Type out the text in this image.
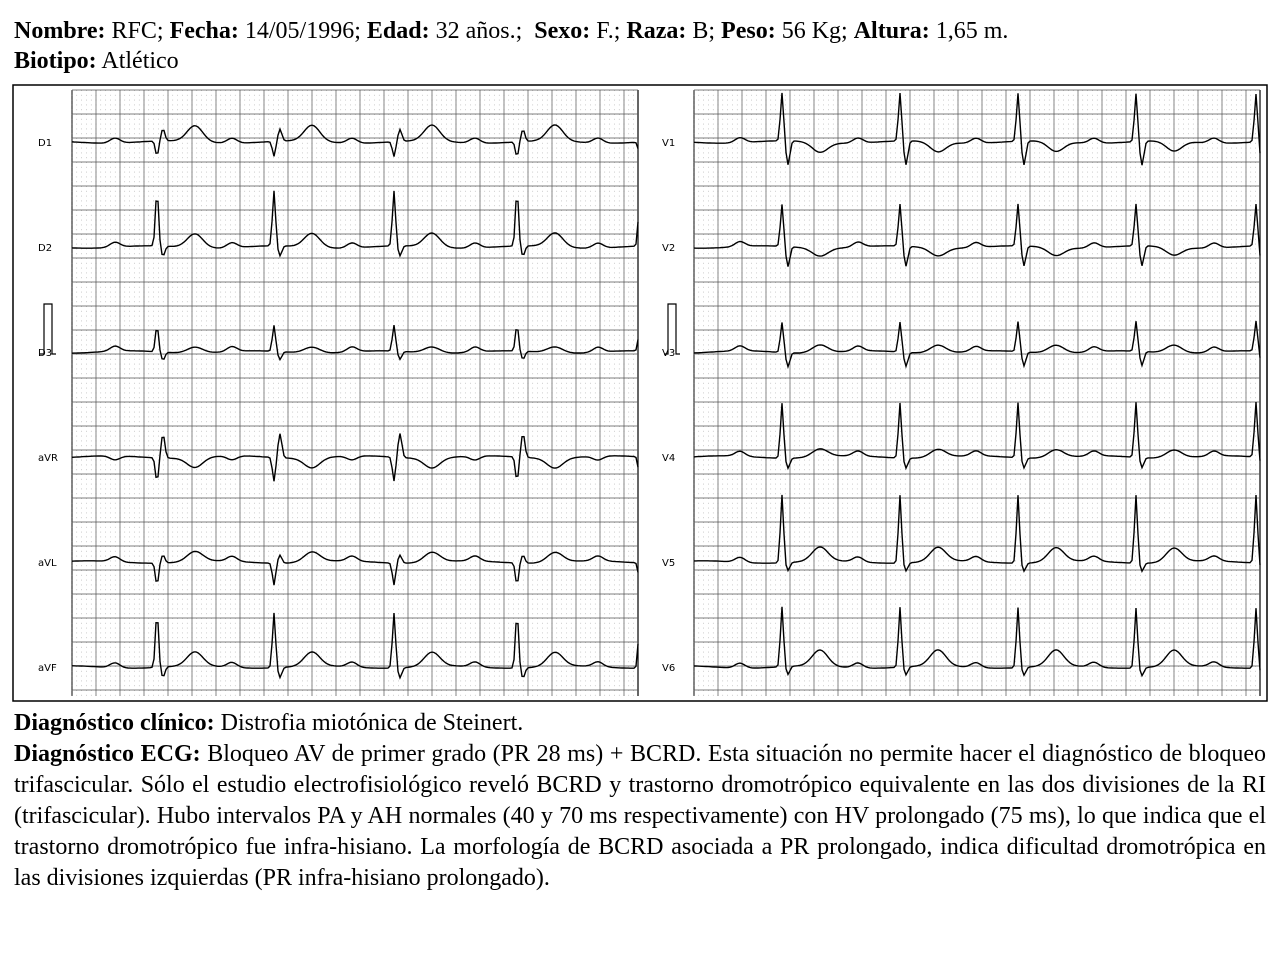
Nombre: RFC; Fecha: 14/05/1996; Edad: 32 años.; Sexo: F.; Raza: B; Peso: 56 Kg; Altura: 1,65 m.
Biotipo: Atlético
D1
D2
D3
aVR
aVL
aVF
V1
V2
V3
V4
V5
V6

Diagnóstico clínico: Distrofia miotónica de Steinert.

Diagnóstico ECG: Bloqueo AV de primer grado (PR 28 ms) + BCRD. Esta situación no permite hacer el diagnóstico de bloqueo trifascicular. Sólo el estudio electrofisiológico reveló BCRD y trastorno dromotrópico equivalente en las dos divisiones de la RI (trifascicular). Hubo intervalos PA y AH normales (40 y 70 ms respectivamente) con HV prolongado (75 ms), lo que indica que el trastorno dromotrópico fue infra-hisiano. La morfología de BCRD asociada a PR prolongado, indica dificultad dromotrópica en las divisiones izquierdas (PR infra-hisiano prolongado).
